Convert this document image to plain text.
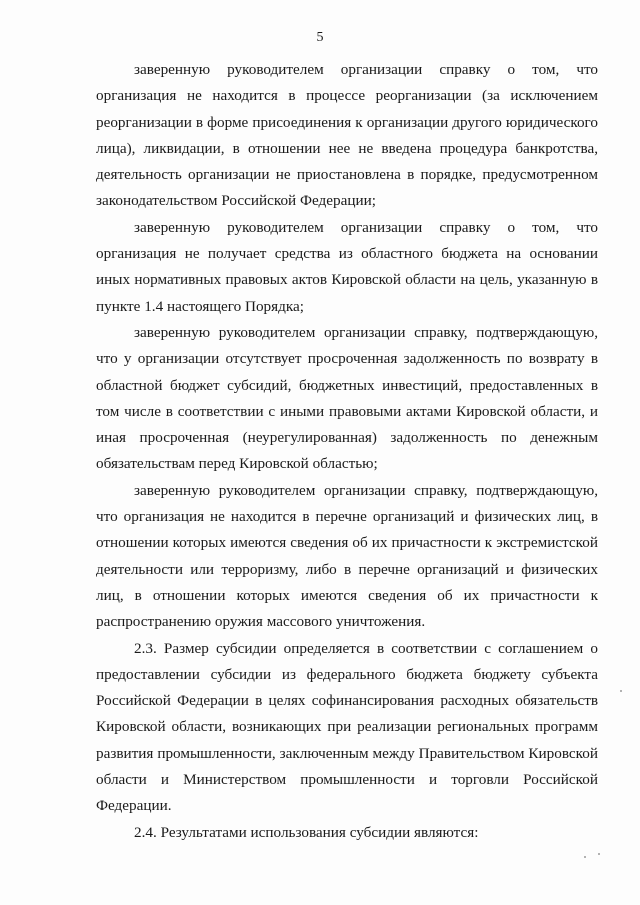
5

заверенную руководителем организации справку о том, что организация не находится в процессе реорганизации (за исключением реорганизации в форме присоединения к организации другого юридического лица), ликвидации, в отношении нее не введена процедура банкротства, деятельность организации не приостановлена в порядке, предусмотренном законодательством Российской Федерации;

заверенную руководителем организации справку о том, что организация не получает средства из областного бюджета на основании иных нормативных правовых актов Кировской области на цель, указанную в пункте 1.4 настоящего Порядка;

заверенную руководителем организации справку, подтверждающую, что у организации отсутствует просроченная задолженность по возврату в областной бюджет субсидий, бюджетных инвестиций, предоставленных в том числе в соответствии с иными правовыми актами Кировской области, и иная просроченная (неурегулированная) задолженность по денежным обязательствам перед Кировской областью;

заверенную руководителем организации справку, подтверждающую, что организация не находится в перечне организаций и физических лиц, в отношении которых имеются сведения об их причастности к экстремистской деятельности или терроризму, либо в перечне организаций и физических лиц, в отношении которых имеются сведения об их причастности к распространению оружия массового уничтожения.

2.3. Размер субсидии определяется в соответствии с соглашением о предоставлении субсидии из федерального бюджета бюджету субъекта Российской Федерации в целях софинансирования расходных обязательств Кировской области, возникающих при реализации региональных программ развития промышленности, заключенным между Правительством Кировской области и Министерством промышленности и торговли Российской Федерации.

2.4. Результатами использования субсидии являются:
